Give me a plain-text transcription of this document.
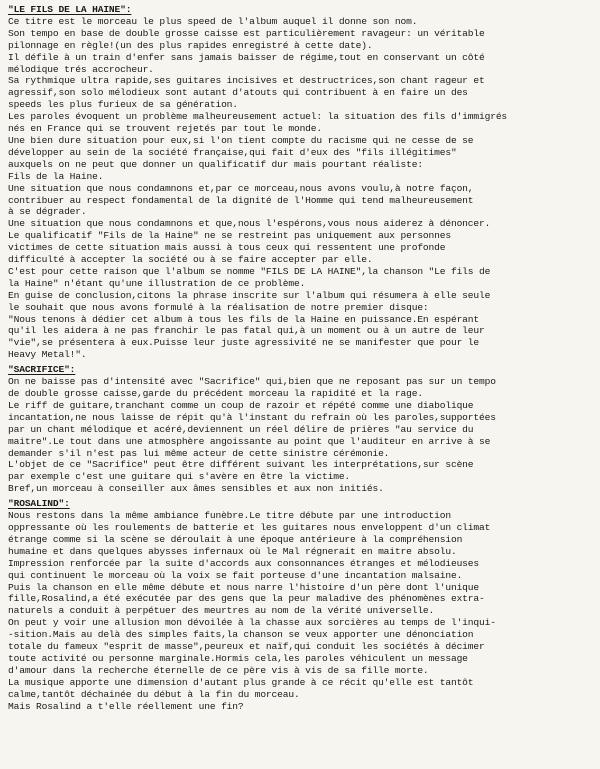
"LE FILS DE LA HAINE":
Ce titre est le morceau le plus speed de l'album auquel il donne son nom.
Son tempo en base de double grosse caisse est particulièrement ravageur: un véritable
pilonnage en règle!(un des plus rapides enregistré à cette date).
Il défile à un train d'enfer sans jamais baisser de régime,tout en conservant un côté
mélodique trés accrocheur.
Sa rythmique ultra rapide,ses guitares incisives et destructrices,son chant rageur et
agressif,son solo mélodieux sont autant d'atouts qui contribuent à en faire un des
speeds les plus furieux de sa génération.
Les paroles évoquent un problème malheureusement actuel: la situation des fils d'immigrés
nés en France qui se trouvent rejetés par tout le monde.
Une bien dure situation pour eux,si l'on tient compte du racisme qui ne cesse de se
développer au sein de la société française,qui fait d'eux des "fils illégitimes"
auxquels on ne peut que donner un qualificatif dur mais pourtant réaliste:
Fils de la Haine.
Une situation que nous condamnons et,par ce morceau,nous avons voulu,à notre façon,
contribuer au respect fondamental de la dignité de l'Homme qui tend malheureusement
à se dégrader.
Une situation que nous condamnons et que,nous l'espérons,vous nous aiderez à dénoncer.
Le qualificatif "Fils de la Haine" ne se restreint pas uniquement aux personnes
victimes de cette situation mais aussi à tous ceux qui ressentent une profonde
difficulté à accepter la société ou à se faire accepter par elle.
C'est pour cette raison que l'album se nomme "FILS DE LA HAINE",la chanson "Le fils de
la Haine" n'étant qu'une illustration de ce problème.
En guise de conclusion,citons la phrase inscrite sur l'album qui résumera à elle seule
le souhait que nous avons formulé à la réalisation de notre premier disque:
"Nous tenons à dédier cet album à tous les fils de la Haine en puissance.En espérant
qu'il les aidera à ne pas franchir le pas fatal qui,à un moment ou à un autre de leur
"vie",se présentera à eux.Puisse leur juste agressivité ne se manifester que pour le
Heavy Metal!".
"SACRIFICE":
On ne baisse pas d'intensité avec "Sacrifice" qui,bien que ne reposant pas sur un tempo
de double grosse caisse,garde du précédent morceau la rapidité et la rage.
Le riff de guitare,tranchant comme un coup de razoir et répété comme une diabolique
incantation,ne nous laisse de répit qu'à l'instant du refrain où les paroles,supportées
par un chant mélodique et acéré,deviennent un réel délire de prières "au service du
maitre".Le tout dans une atmosphère angoissante au point que l'auditeur en arrive à se
demander s'il n'est pas lui même acteur de cette sinistre cérémonie.
L'objet de ce "Sacrifice" peut être différent suivant les interprétations,sur scène
par exemple c'est une guitare qui s'avère en être la victime.
Bref,un morceau à conseiller aux âmes sensibles et aux non initiés.
"ROSALIND":
Nous restons dans la même ambiance funèbre.Le titre débute par une introduction
oppressante où les roulements de batterie et les guitares nous enveloppent d'un climat
étrange comme si la scène se déroulait à une époque antérieure à la compréhension
humaine et dans quelques abysses infernaux où le Mal régnerait en maitre absolu.
Impression renforcée par la suite d'accords aux consonnances étranges et mélodieuses
qui continuent le morceau où la voix se fait porteuse d'une incantation malsaine.
Puis la chanson en elle même débute et nous narre l'histoire d'un père dont l'unique
fille,Rosalind,a été exécutée par des gens que la peur maladive des phénomènes extra-
naturels a conduit à perpétuer des meurtres au nom de la vérité universelle.
On peut y voir une allusion mon dévoilée à la chasse aux sorcières au temps de l'inqui-
-sition.Mais au delà des simples faits,la chanson se veux apporter une dénonciation
totale du fameux "esprit de masse",peureux et naïf,qui conduit les sociétés à décimer
toute activité ou personne marginale.Hormis cela,les paroles véhiculent un message
d'amour dans la recherche éternelle de ce père vis à vis de sa fille morte.
La musique apporte une dimension d'autant plus grande à ce récit qu'elle est tantôt
calme,tantôt déchainée du début à la fin du morceau.
Mais Rosalind a t'elle réellement une fin?
